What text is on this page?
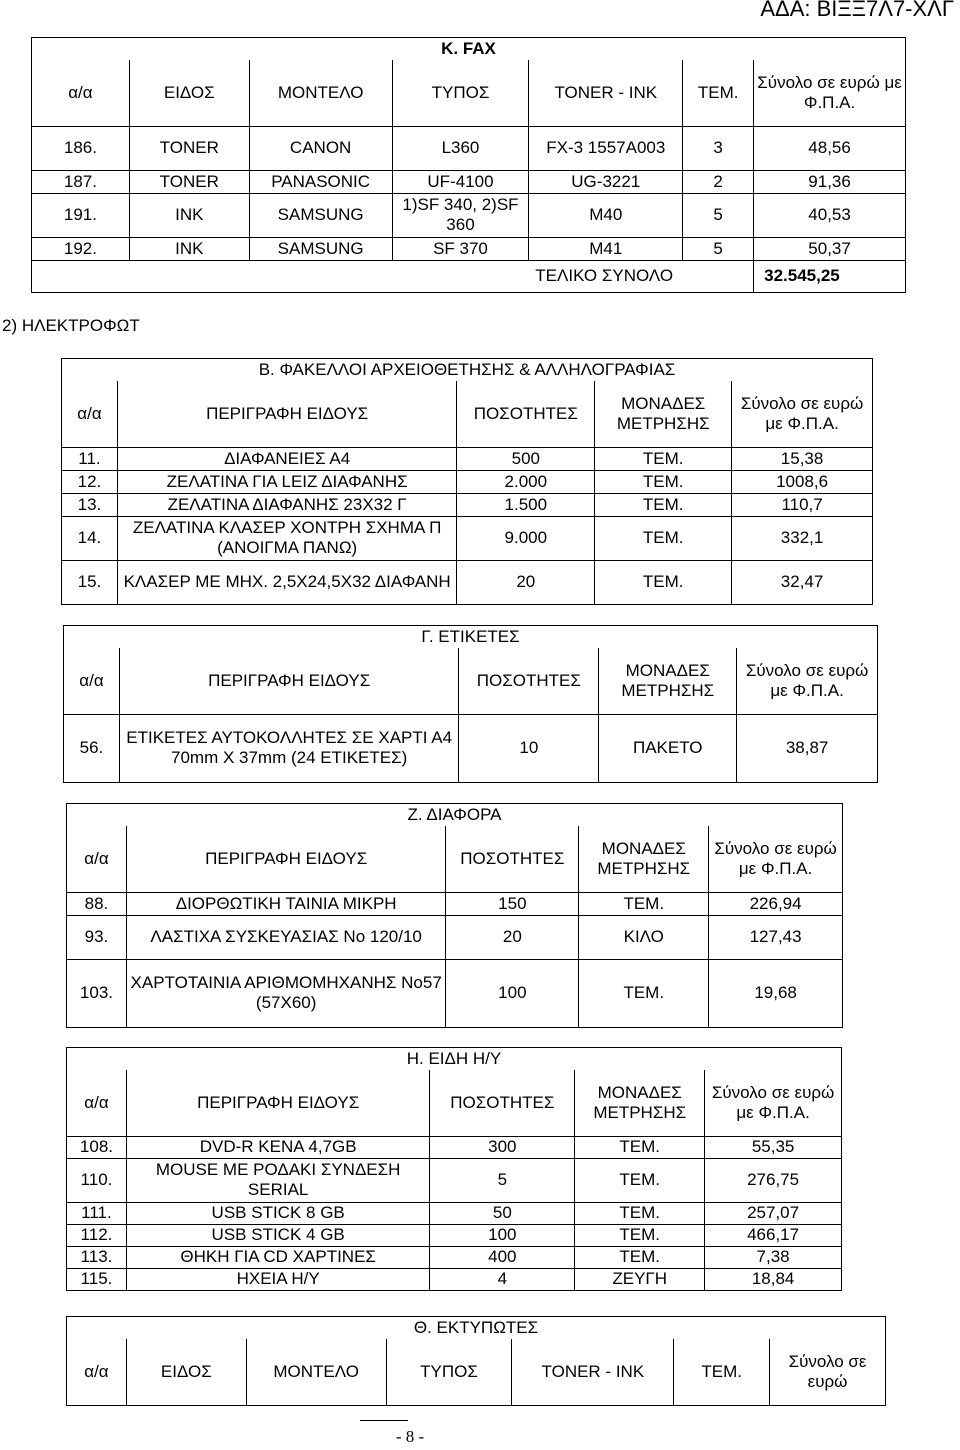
ΑΔΑ: ΒΙΞΞ7Λ7-ΧΛΓ
Κ. FAX						
α/α	ΕΙΔΟΣ	ΜΟΝΤΕΛΟ	ΤΥΠΟΣ	TONER - INK	ΤΕΜ.	Σύνολο σε ευρώ με Φ.Π.Α.
186.	TONER	CANON	L360	FX-3 1557A003	3	48,56
187.	TONER	PANASONIC	UF-4100	UG-3221	2	91,36
191.	INK	SAMSUNG	1)SF 340, 2)SF 360	M40	5	40,53
192.	INK	SAMSUNG	SF 370	M41	5	50,37
ΤΕΛΙΚΟ ΣΥΝΟΛΟ						32.545,25
2) ΗΛΕΚΤΡΟΦΩΤ
Β. ΦΑΚΕΛΛΟΙ ΑΡΧΕΙΟΘΕΤΗΣΗΣ & ΑΛΛΗΛΟΓΡΑΦΙΑΣ				
α/α	ΠΕΡΙΓΡΑΦΗ ΕΙΔΟΥΣ	ΠΟΣΟΤΗΤΕΣ	ΜΟΝΑΔΕΣ ΜΕΤΡΗΣΗΣ	Σύνολο σε ευρώ με Φ.Π.Α.
11.	ΔΙΑΦΑΝΕΙΕΣ Α4	500	ΤΕΜ.	15,38
12.	ΖΕΛΑΤΙΝΑ ΓΙΑ LΕΙΖ ΔΙΑΦΑΝΗΣ	2.000	ΤΕΜ.	1008,6
13.	ΖΕΛΑΤΙΝΑ ΔΙΑΦΑΝΗΣ 23Χ32 Γ	1.500	ΤΕΜ.	110,7
14.	ΖΕΛΑΤΙΝΑ ΚΛΑΣΕΡ ΧΟΝΤΡΗ ΣΧΗΜΑ Π (ΑΝΟΙΓΜΑ ΠΑΝΩ)	9.000	ΤΕΜ.	332,1
15.	ΚΛΑΣΕΡ ΜΕ ΜΗΧ. 2,5Χ24,5Χ32 ΔΙΑΦΑΝΗ	20	ΤΕΜ.	32,47
Γ. ΕΤΙΚΕΤΕΣ				
α/α	ΠΕΡΙΓΡΑΦΗ ΕΙΔΟΥΣ	ΠΟΣΟΤΗΤΕΣ	ΜΟΝΑΔΕΣ ΜΕΤΡΗΣΗΣ	Σύνολο σε ευρώ με Φ.Π.Α.
56.	ΕΤΙΚΕΤΕΣ ΑΥΤΟΚΟΛΛΗΤΕΣ ΣΕ ΧΑΡΤΙ Α4 70mm X 37mm (24 ΕΤΙΚΕΤΕΣ)	10	ΠΑΚΕΤΟ	38,87
Ζ. ΔΙΑΦΟΡΑ				
α/α	ΠΕΡΙΓΡΑΦΗ ΕΙΔΟΥΣ	ΠΟΣΟΤΗΤΕΣ	ΜΟΝΑΔΕΣ ΜΕΤΡΗΣΗΣ	Σύνολο σε ευρώ με Φ.Π.Α.
88.	ΔΙΟΡΘΩΤΙΚΗ ΤΑΙΝΙΑ ΜΙΚΡΗ	150	ΤΕΜ.	226,94
93.	ΛΑΣΤΙΧΑ ΣΥΣΚΕΥΑΣΙΑΣ Νο 120/10	20	ΚΙΛΟ	127,43
103.	ΧΑΡΤΟΤΑΙΝΙΑ ΑΡΙΘΜΟΜΗΧΑΝΗΣ Νο57 (57Χ60)	100	ΤΕΜ.	19,68
Η. ΕΙΔΗ Η/Υ				
α/α	ΠΕΡΙΓΡΑΦΗ ΕΙΔΟΥΣ	ΠΟΣΟΤΗΤΕΣ	ΜΟΝΑΔΕΣ ΜΕΤΡΗΣΗΣ	Σύνολο σε ευρώ με Φ.Π.Α.
108.	DVD-R ΚΕΝΑ 4,7GB	300	ΤΕΜ.	55,35
110.	MOUSE ΜΕ ΡΟΔΑΚΙ ΣΥΝΔΕΣΗ SERIAL	5	ΤΕΜ.	276,75
111.	USB STICK 8 GB	50	ΤΕΜ.	257,07
112.	USB STICK 4 GB	100	ΤΕΜ.	466,17
113.	ΘΗΚΗ ΓΙΑ CD ΧΑΡΤΙΝΕΣ	400	ΤΕΜ.	7,38
115.	ΗΧΕΙΑ Η/Υ	4	ΖΕΥΓΗ	18,84
Θ. ΕΚΤΥΠΩΤΕΣ
α/α	ΕΙΔΟΣ	ΜΟΝΤΕΛΟ	ΤΥΠΟΣ	TONER - INK	ΤΕΜ.	Σύνολο σε ευρώ
- 8 -
